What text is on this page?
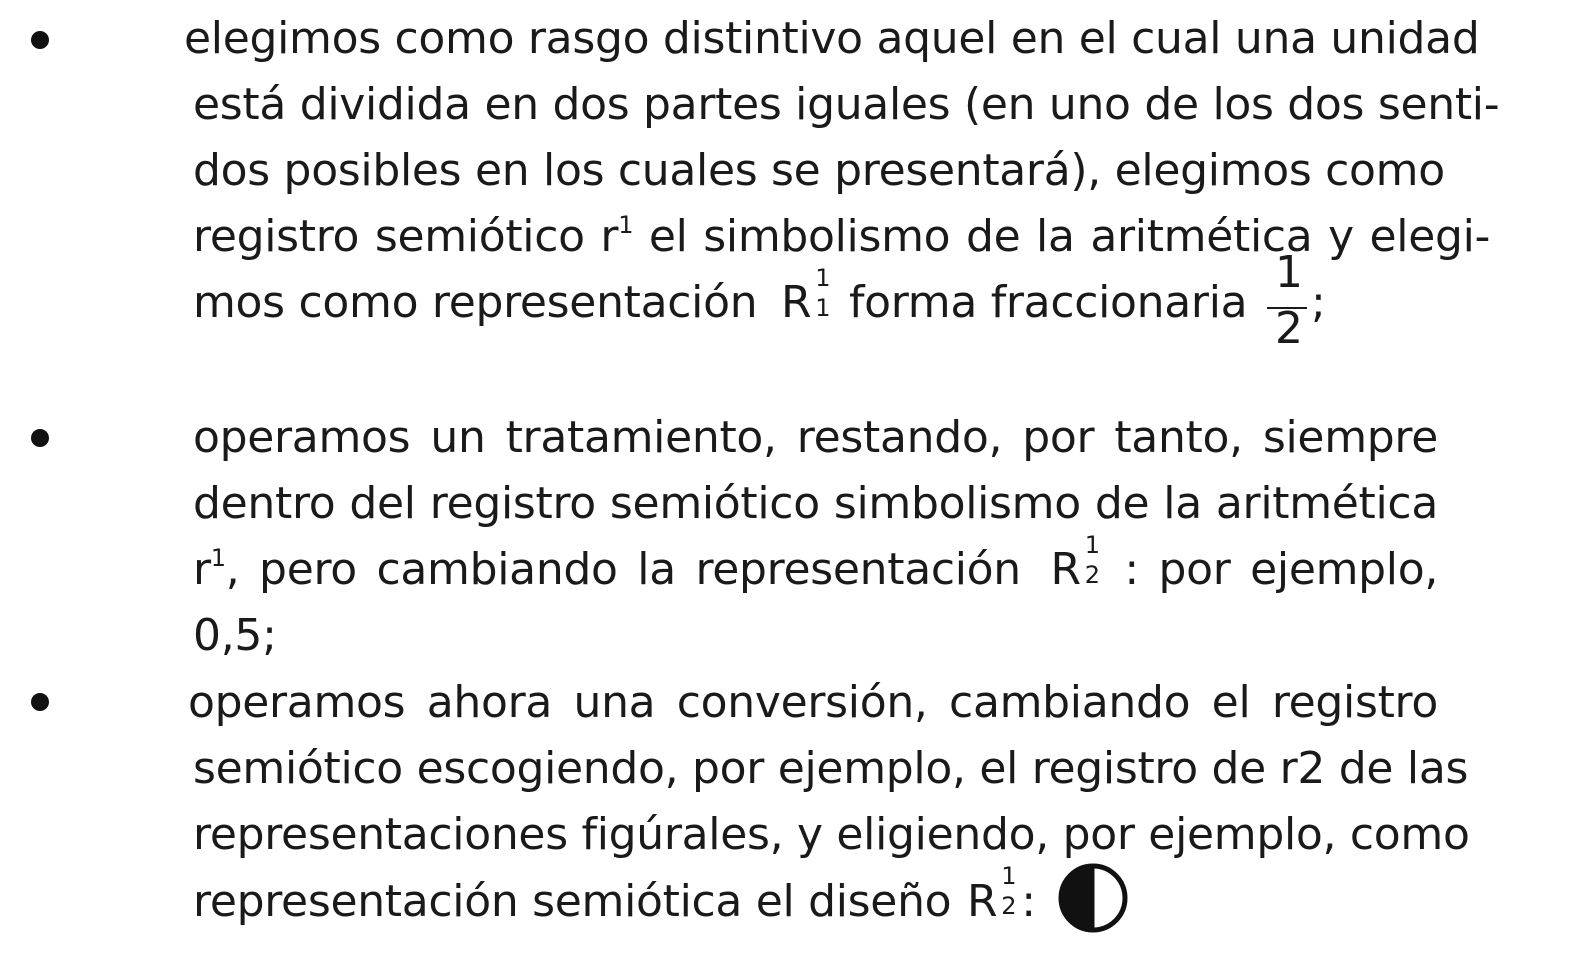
elegimos como rasgo distintivo aquel en el cual una unidad
está dividida en dos partes iguales (en uno de los dos senti-
dos posibles en los cuales se presentará), elegimos como
registro semiótico $r^1$ el simbolismo de la aritmética y elegi-
mos como representación R 1
1 forma fraccionaria $\frac{1}{2}$ ;
operamos un tratamiento, restando, por tanto, siempre
dentro del registro semiótico simbolismo de la aritmética
$r^1$, pero cambiando la representación R 1
2 : por ejemplo,
0,5;
operamos ahora una conversión, cambiando el registro
semiótico escogiendo, por ejemplo, el registro de r2 de las
representaciones figúrales, y eligiendo, por ejemplo, como
representación semiótica el diseño R 1
2 :
